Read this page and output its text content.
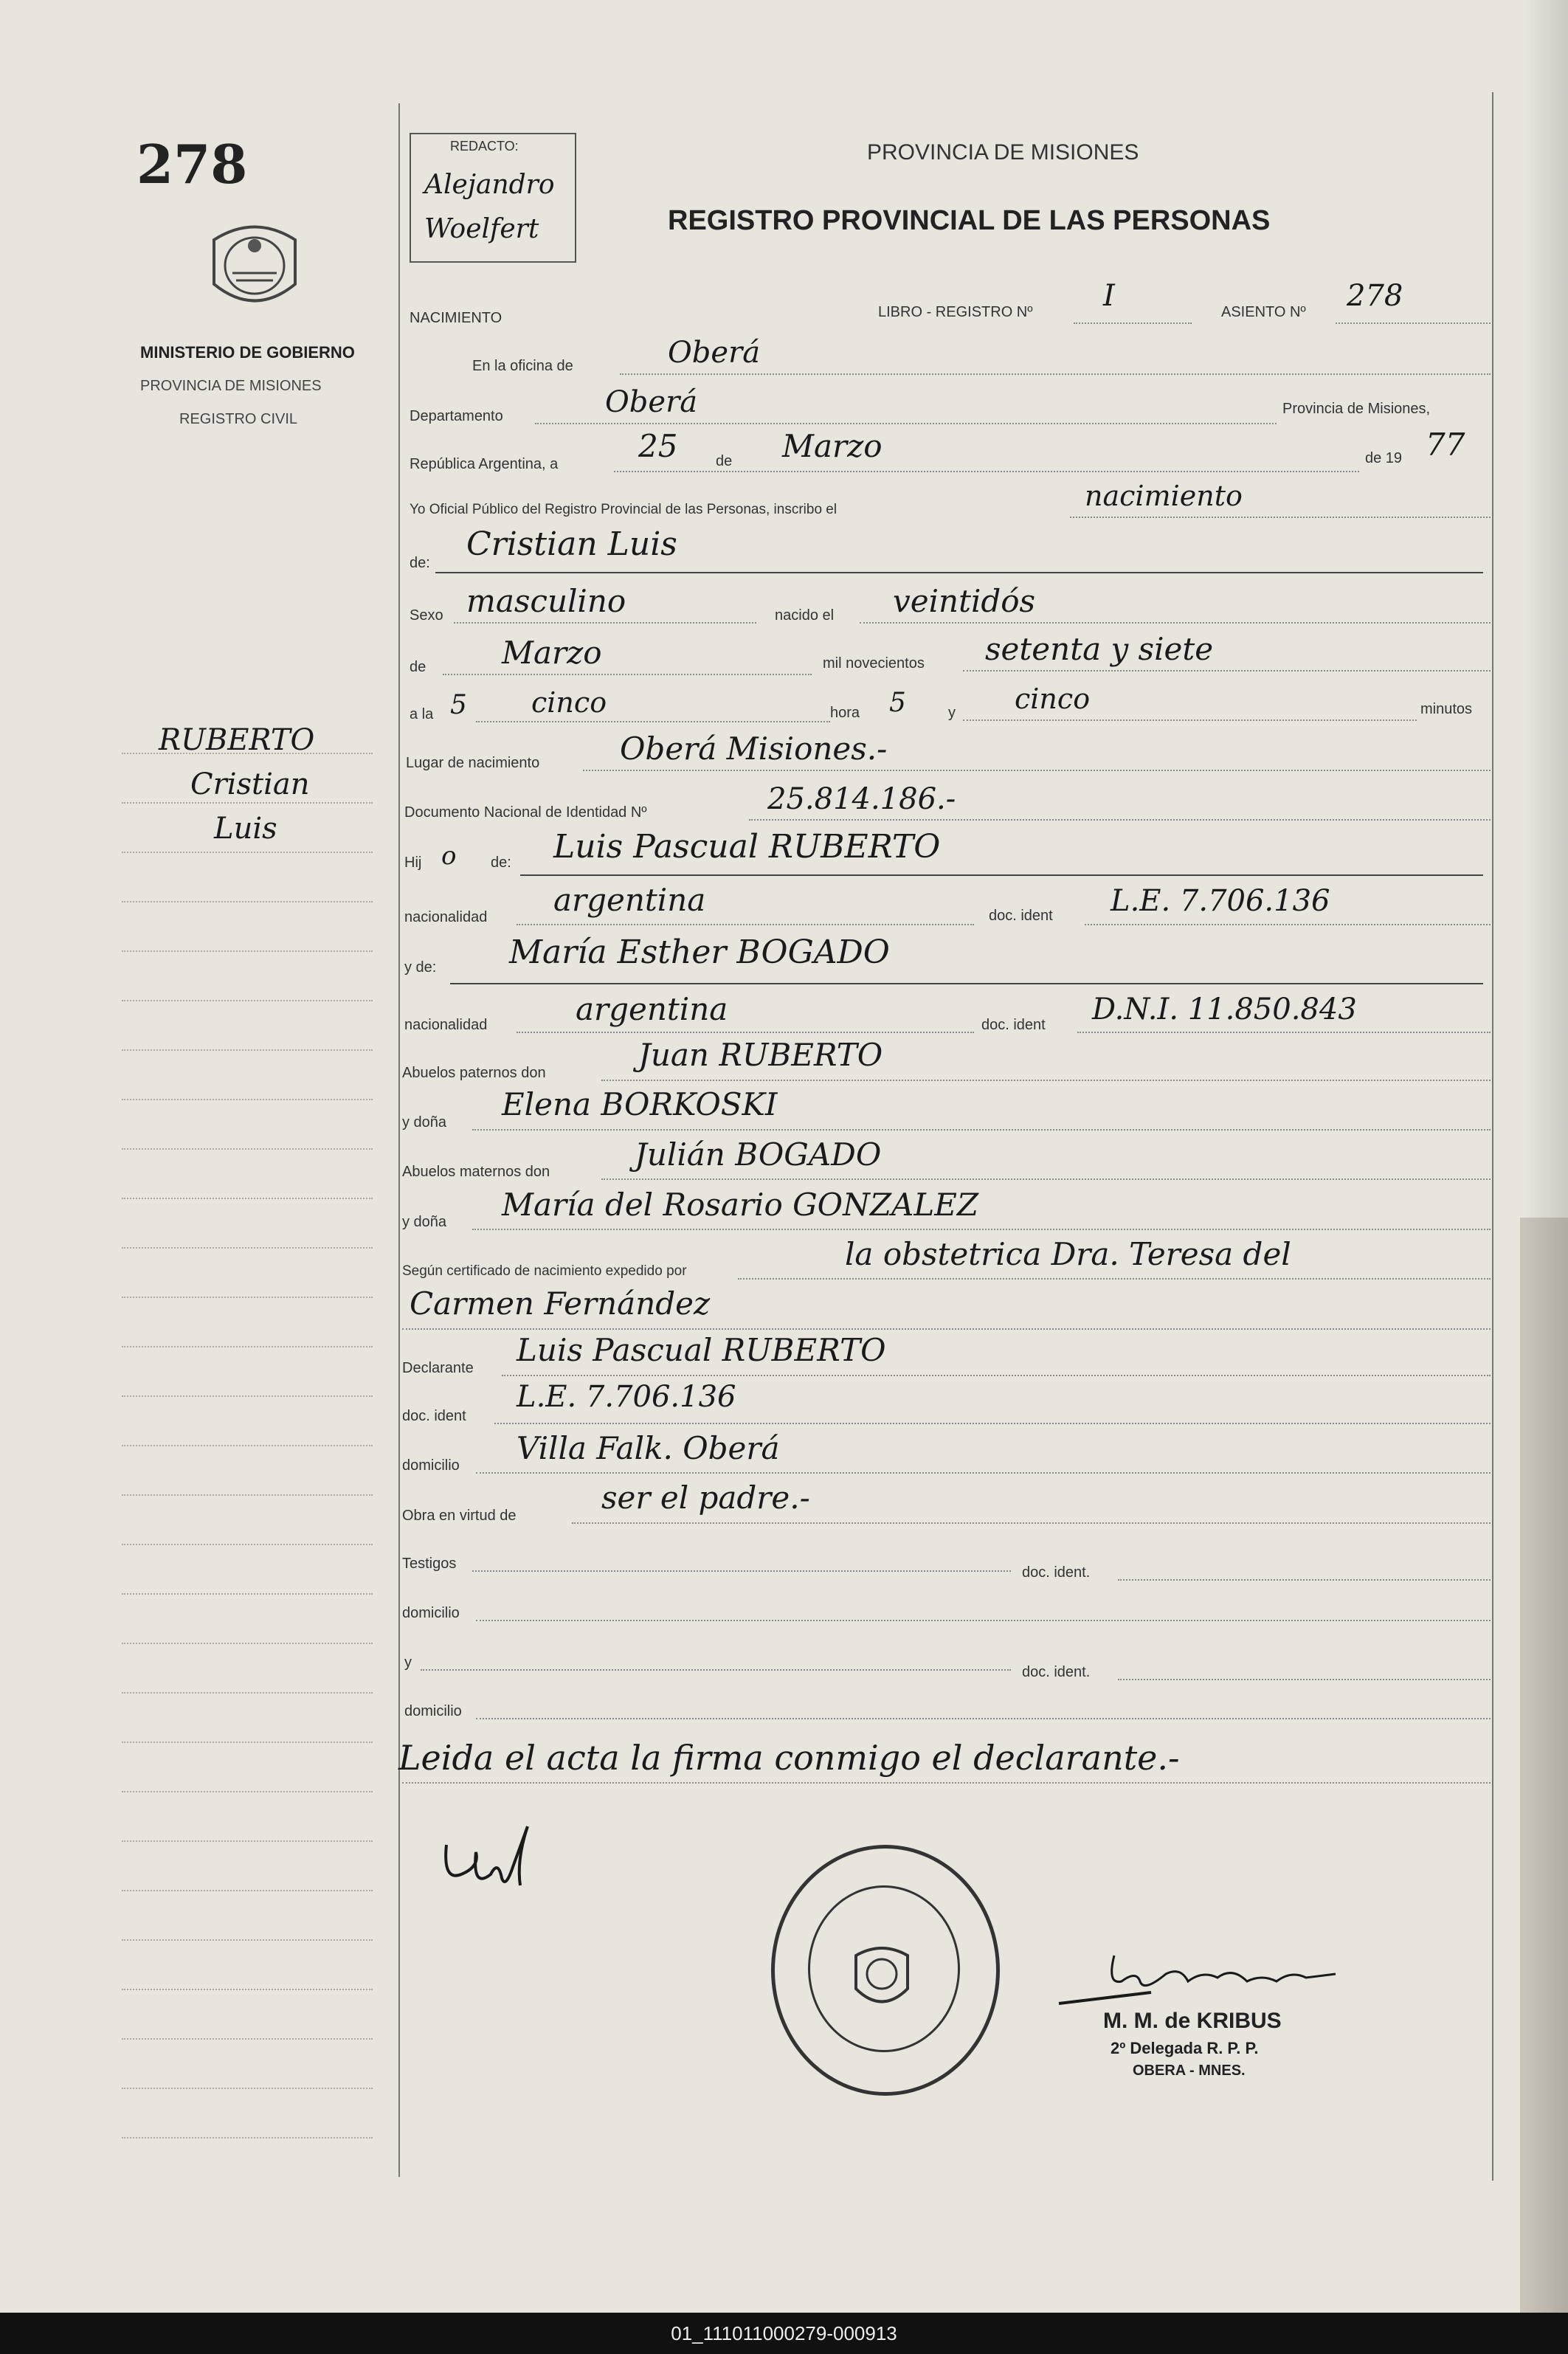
278
MINISTERIO DE GOBIERNO
PROVINCIA DE MISIONES
REGISTRO CIVIL
RUBERTO
Cristian
Luis
REDACTO:
Alejandro
Woelfert
PROVINCIA DE MISIONES
REGISTRO PROVINCIAL DE LAS PERSONAS
NACIMIENTO	LIBRO - REGISTRO Nº I	ASIENTO Nº 278
En la oficina de	Oberá
Departamento	Oberá	Provincia de Misiones,
República Argentina, a	25	de Marzo	de 19 77
Yo Oficial Público del Registro Provincial de las Personas, inscribo el	nacimiento
de: Cristian Luis
Sexo masculino	nacido el veintidós
de Marzo	mil novecientos setenta y siete
a la 5 cinco	hora 5	y cinco	minutos
Lugar de nacimiento	Oberá Misiones.-
Documento Nacional de Identidad Nº	25.814.186.-
Hij o de: Luis Pascual RUBERTO
nacionalidad argentina	doc. ident L.E. 7.706.136
y de: María Esther BOGADO
nacionalidad	argentina	doc. ident D.N.I. 11.850.843
Abuelos paternos don	Juan RUBERTO
y doña Elena BORKOSKI
Abuelos maternos don	Julián BOGADO
y doña María del Rosario GONZALEZ
Según certificado de nacimiento expedido por	la obstetrica Dra. Teresa del
Carmen Fernández
Declarante Luis Pascual RUBERTO
doc. ident
L.E. 7.706.136
domicilio Villa Falk. Oberá
Obra en virtud de	ser el padre.-
Testigos
doc. ident.
domicilio
y
doc. ident.
domicilio
Leida el acta la firma conmigo el declarante.-
M. M. de KRIBUS
2º Delegada R. P. P.
OBERA - MNES.
01_111011000279-000913
